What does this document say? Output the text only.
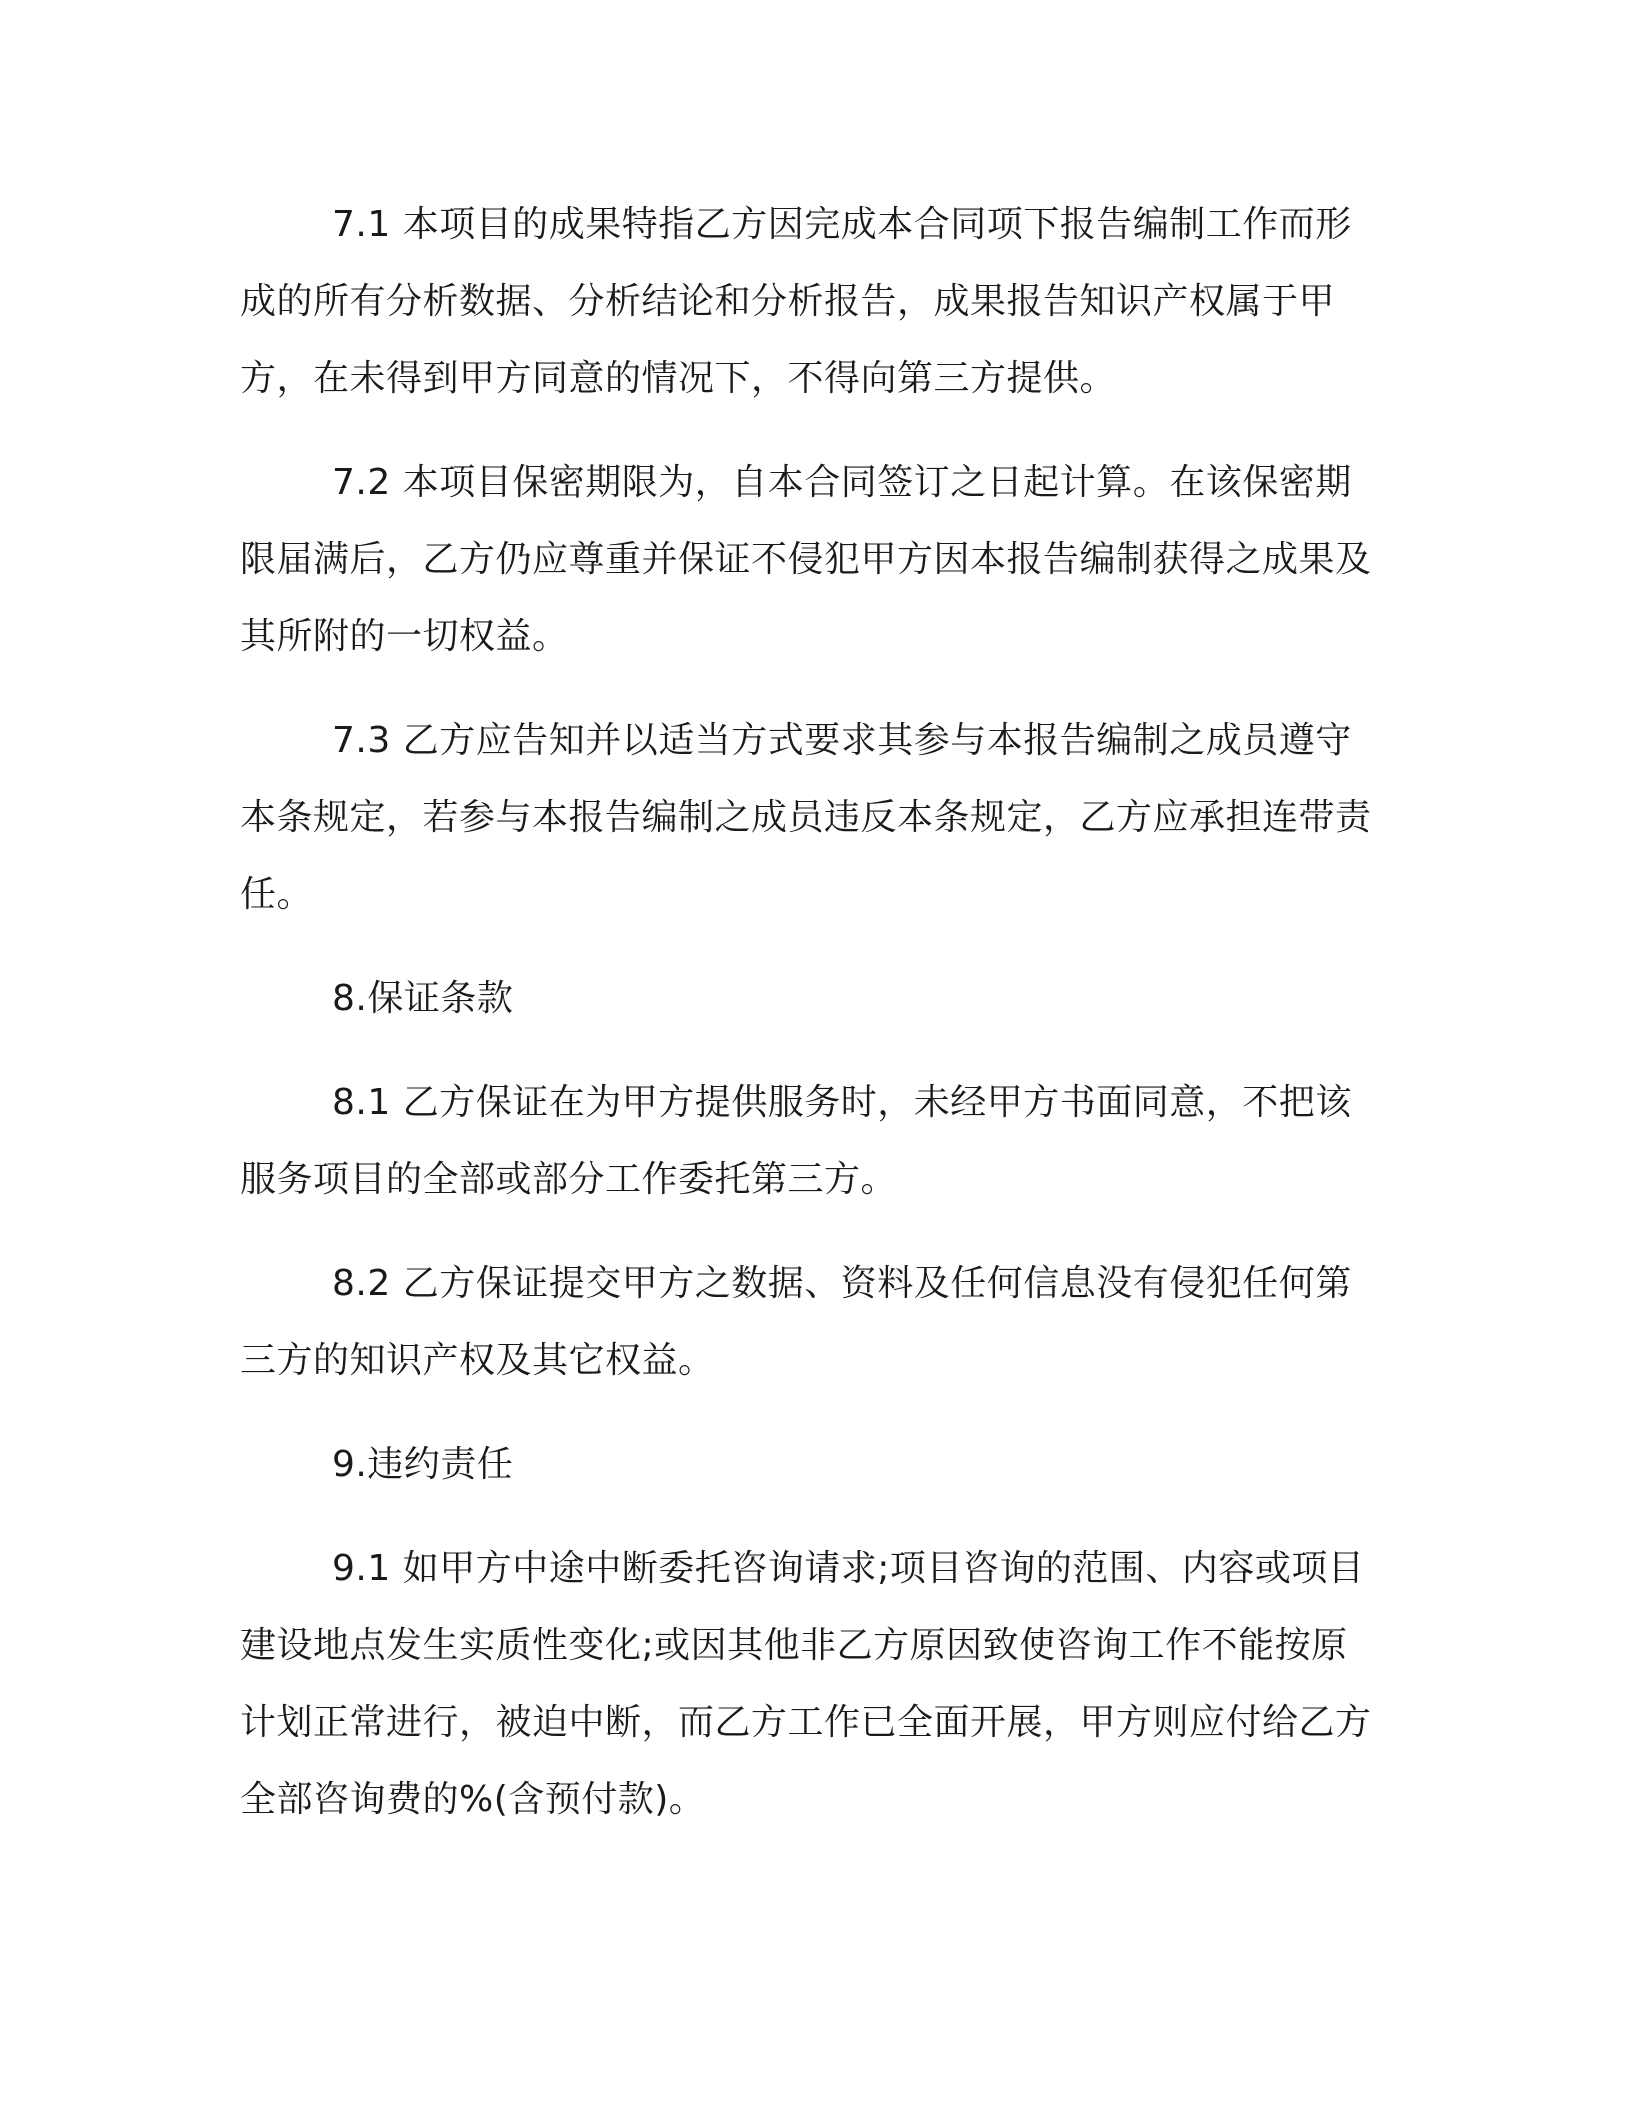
7.1 本项目的成果特指乙方因完成本合同项下报告编制工作而形成的所有分析数据、分析结论和分析报告，成果报告知识产权属于甲方，在未得到甲方同意的情况下，不得向第三方提供。

7.2 本项目保密期限为，自本合同签订之日起计算。在该保密期限届满后，乙方仍应尊重并保证不侵犯甲方因本报告编制获得之成果及其所附的一切权益。

7.3 乙方应告知并以适当方式要求其参与本报告编制之成员遵守本条规定，若参与本报告编制之成员违反本条规定，乙方应承担连带责任。

8.保证条款

8.1 乙方保证在为甲方提供服务时，未经甲方书面同意，不把该服务项目的全部或部分工作委托第三方。

8.2 乙方保证提交甲方之数据、资料及任何信息没有侵犯任何第三方的知识产权及其它权益。

9.违约责任

9.1 如甲方中途中断委托咨询请求;项目咨询的范围、内容或项目建设地点发生实质性变化;或因其他非乙方原因致使咨询工作不能按原计划正常进行，被迫中断，而乙方工作已全面开展，甲方则应付给乙方全部咨询费的%(含预付款)。
